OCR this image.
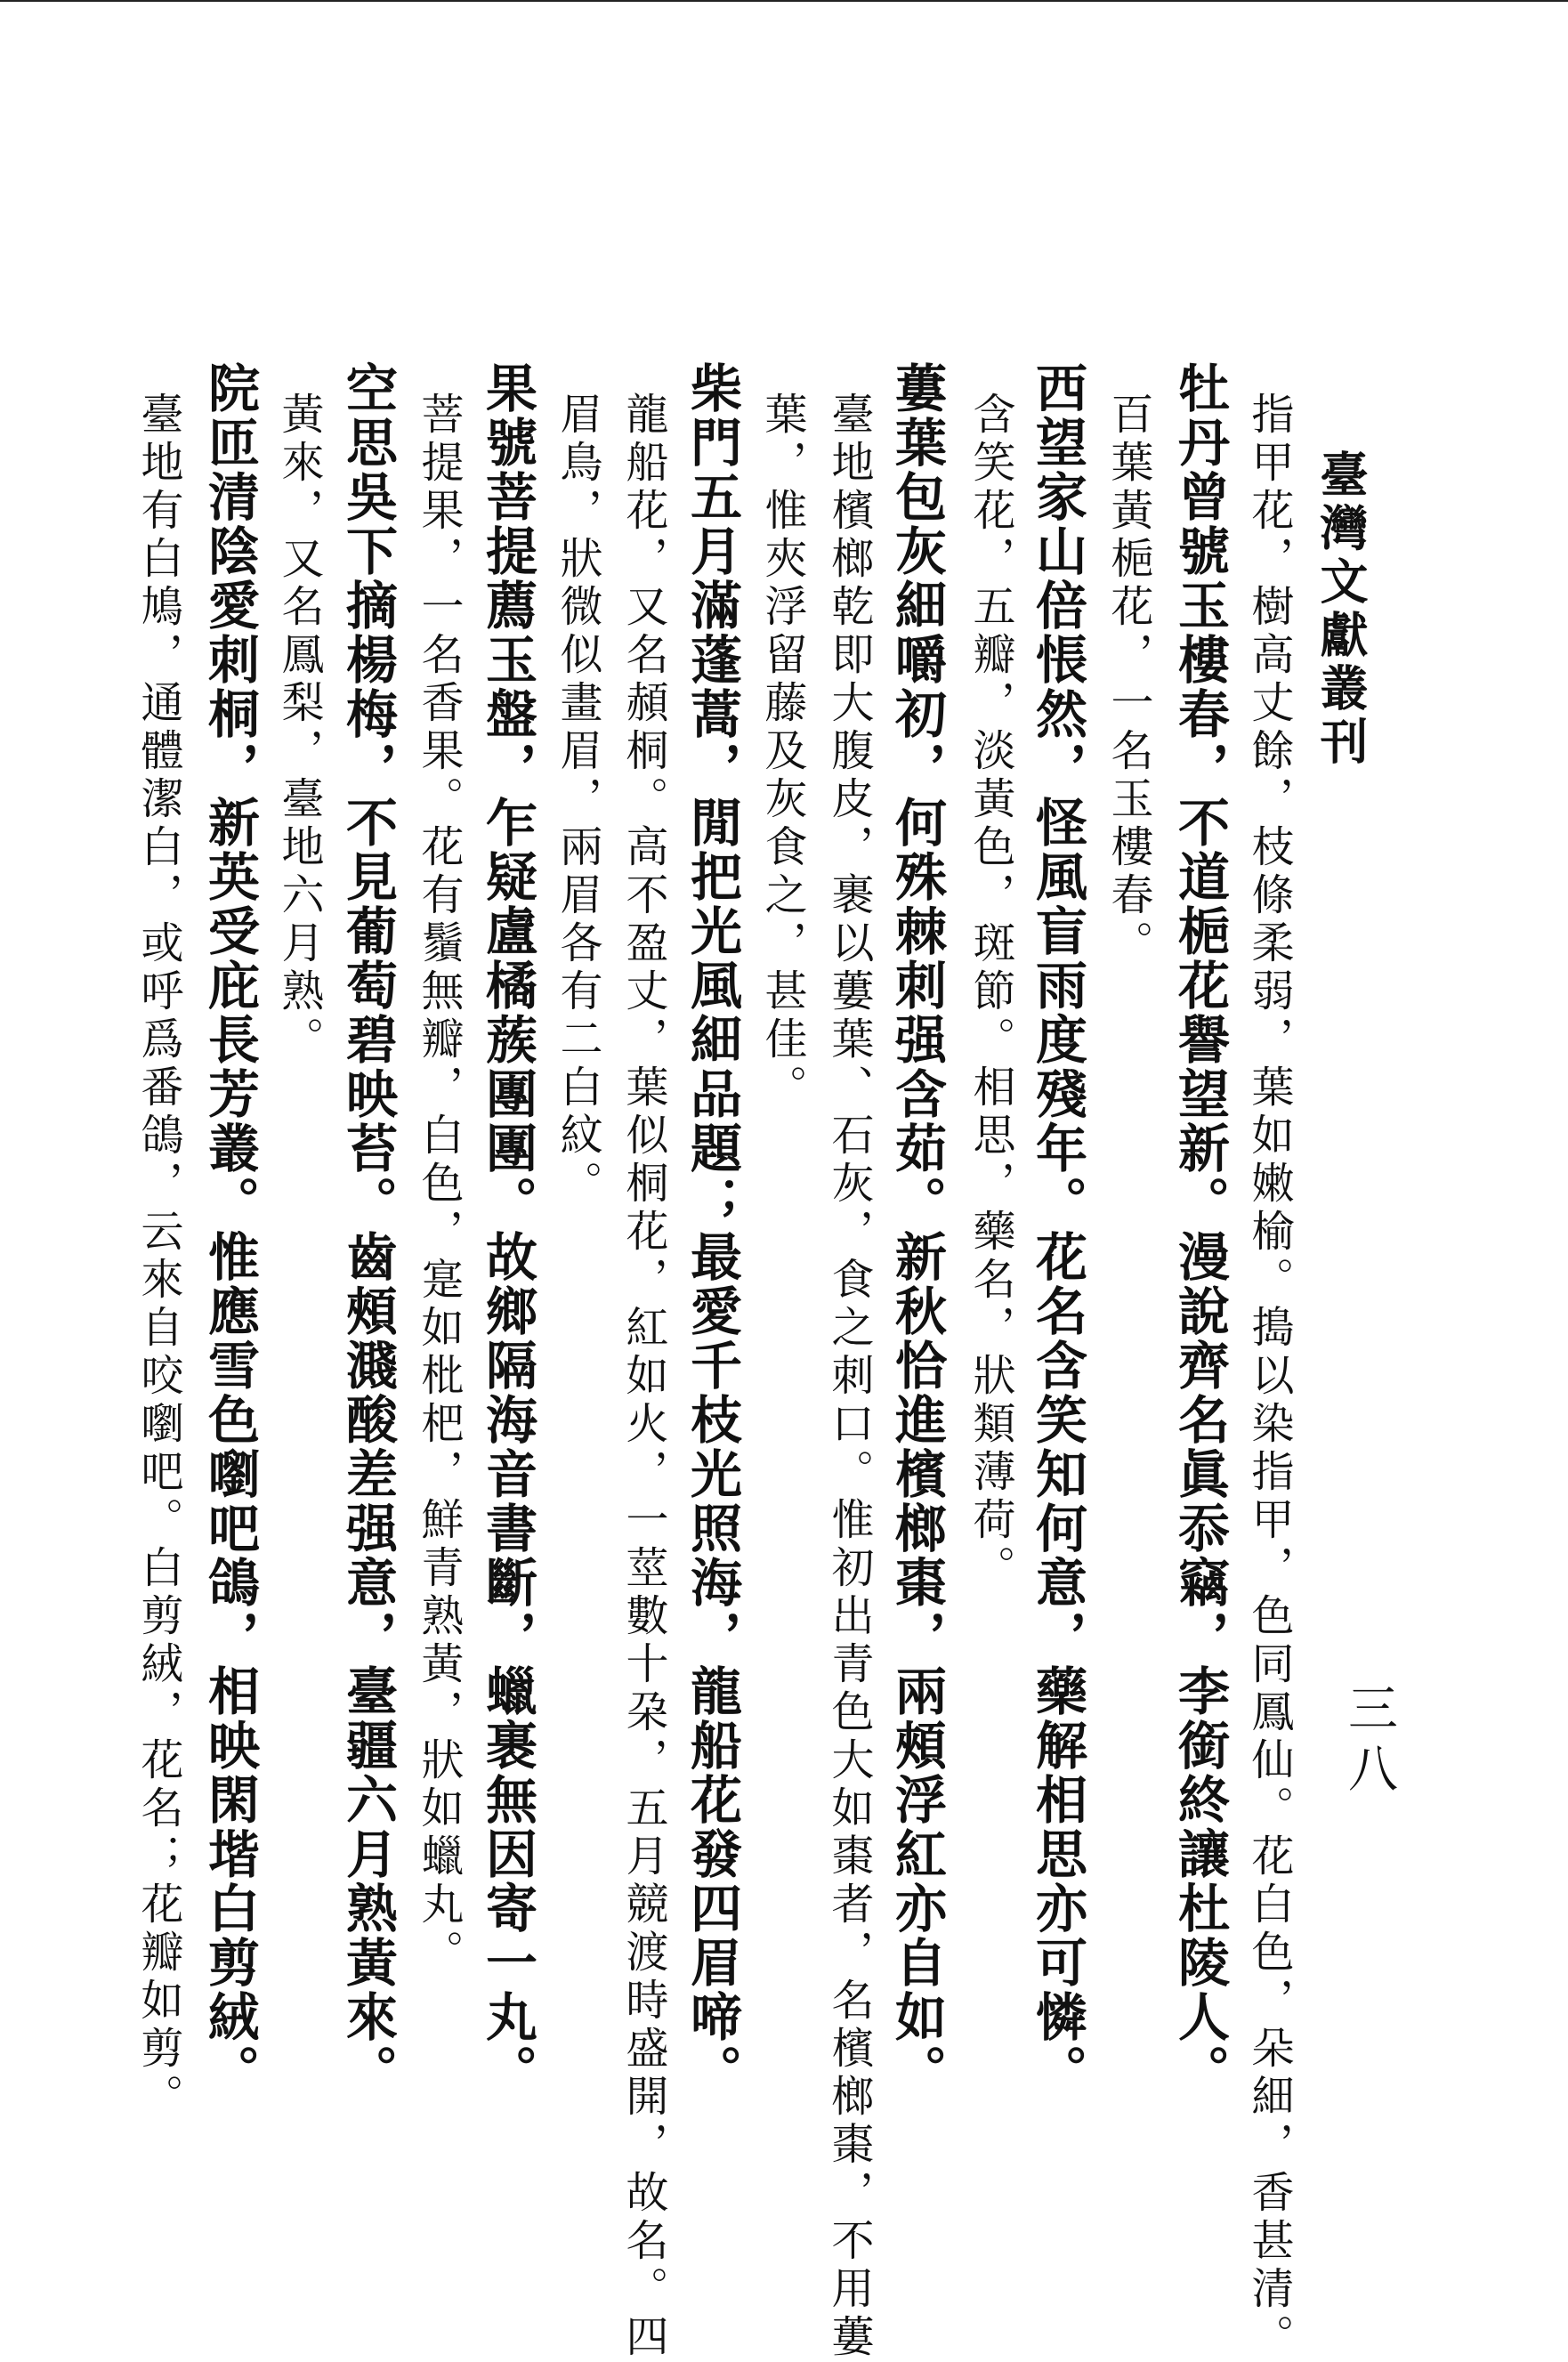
臺灣文獻叢刊
三八
指甲花，樹高丈餘，枝條柔弱，葉如嫩榆。搗以染指甲，色同鳳仙。花白色，朵細，香甚清。
牡丹曾號玉樓春，不道梔花譽望新。漫說齊名眞忝竊，李銜終讓杜陵人。
百葉黃梔花，一名玉樓春。
西望家山倍悵然，怪風盲雨度殘年。花名含笑知何意，藥解相思亦可憐。
含笑花，五瓣，淡黃色，斑節。相思，藥名，狀類薄荷。
蔞葉包灰細嚼初，何殊棘刺强含茹。新秋恰進檳榔棗，兩頰浮紅亦自如。
臺地檳榔乾即大腹皮，裹以蔞葉、石灰，食之刺口。惟初出青色大如棗者，名檳榔棗，不用蔞
葉，惟夾浮留藤及灰食之，甚佳。
柴門五月滿蓬蒿，閒把光風細品題；最愛千枝光照海，龍船花發四眉啼。
龍船花，又名頳桐。高不盈丈，葉似桐花，紅如火，一莖數十朶，五月競渡時盛開，故名。四
眉鳥，狀微似畫眉，兩眉各有二白紋。
果號菩提薦玉盤，乍疑盧橘蔟團團。故鄉隔海音書斷，蠟裹無因寄一丸。
菩提果，一名香果。花有鬚無瓣，白色，寔如枇杷，鮮青熟黃，狀如蠟丸。
空思吳下摘楊梅，不見葡萄碧映苔。齒頰濺酸差强意，臺疆六月熟黃來。
黃來，又名鳳梨，臺地六月熟。
院匝清陰愛刺桐，新英受庇長芳叢。惟應雪色嚠吧鴿，相映閑堦白剪絨。
臺地有白鳩，通體潔白，或呼爲番鴿，云來自咬嚠吧。白剪絨，花名；花瓣如剪。
